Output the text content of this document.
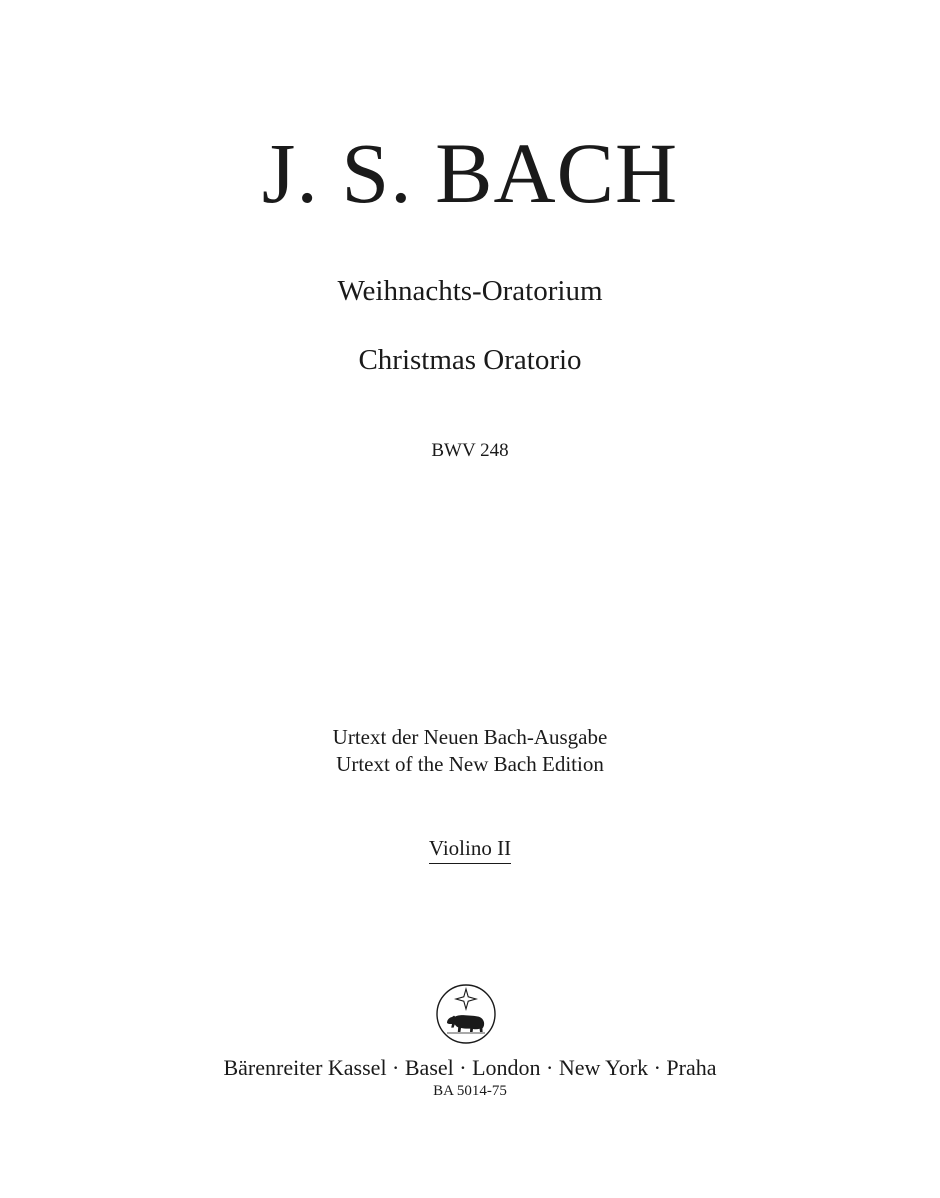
J. S. BACH
Weihnachts-Oratorium
Christmas Oratorio
BWV 248
Urtext der Neuen Bach-Ausgabe
Urtext of the New Bach Edition
Violino II
Bärenreiter Kassel · Basel · London · New York · Praha
BA 5014-75
